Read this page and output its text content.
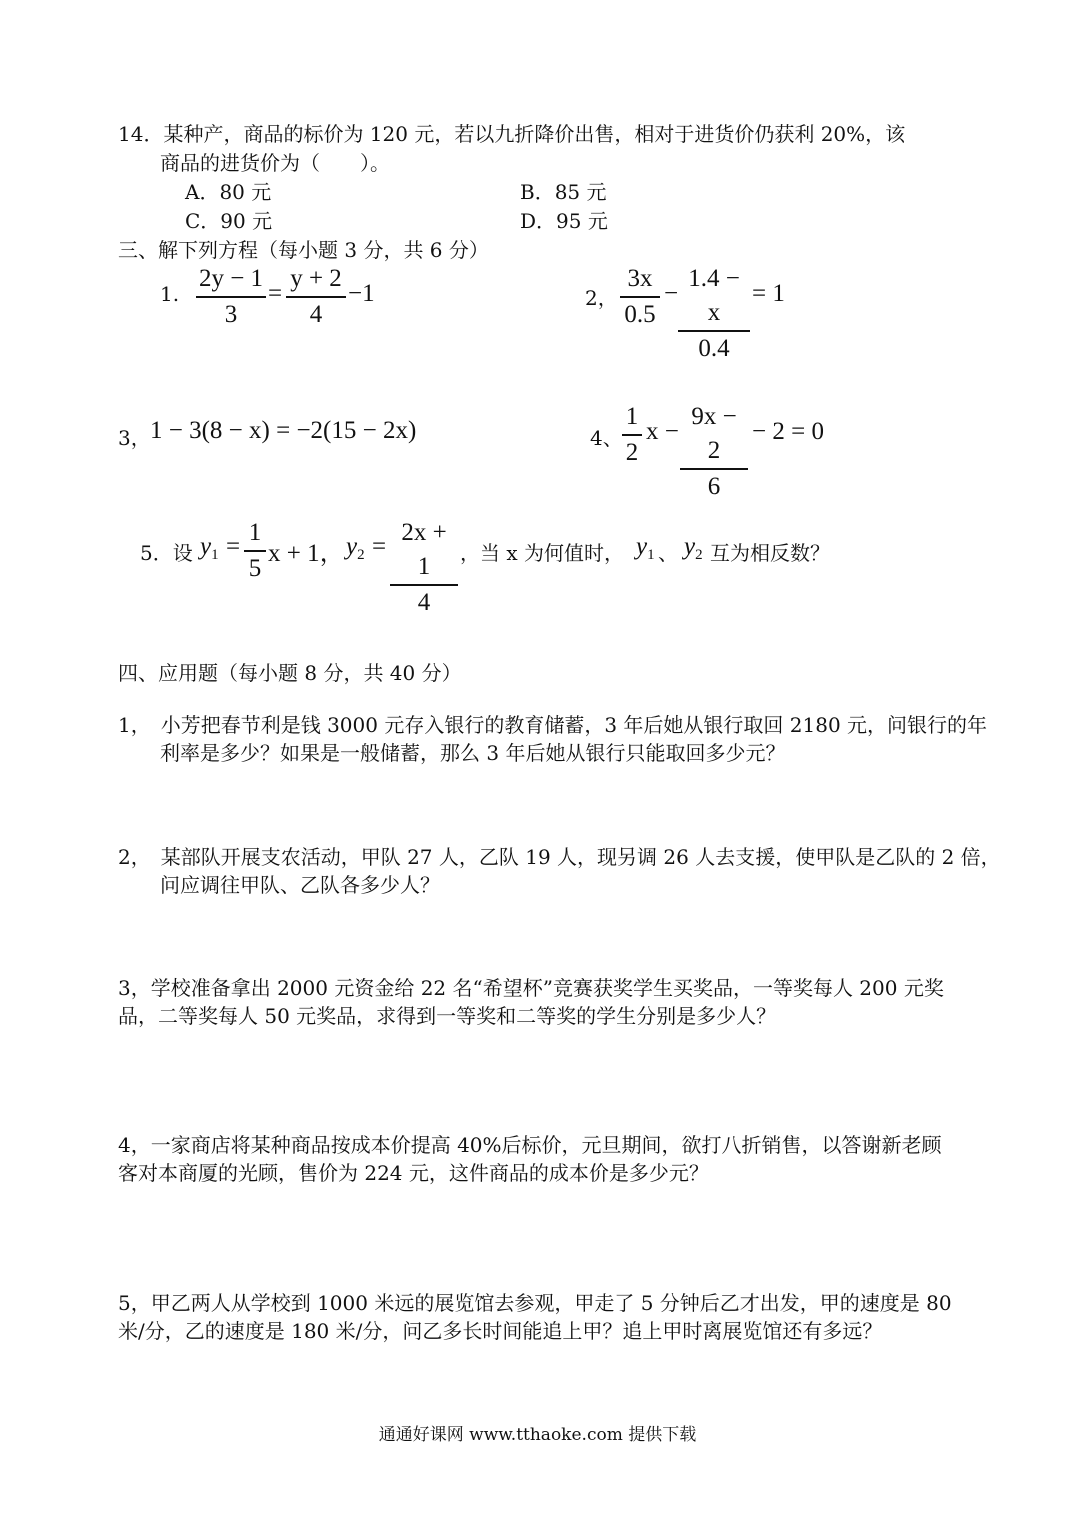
14．某种产，商品的标价为 120 元，若以九折降价出售，相对于进货价仍获利 20%，该
商品的进货价为（　　）。
A．80 元	B．85 元
C．90 元	D．95 元
三、解下列方程（每小题 3 分，共 6 分）
1. $\frac{2y - 1}{3} = \frac{y + 2}{4} -1$	2， $\frac{3x}{0.5} - \frac{1.4 - x}{0.4} = 1$
3， 1 − 3(8 − x) = −2(15 − 2x)	4、 $\frac{1}{2}$ $x - \frac{9x - 2}{6} - 2 = 0$
5．设 $y_1 = \frac{1}{5}$ x + 1， $y_2 = \frac{2x + 1}{4}$ ，当 x 为何值时， $y_1$ 、 $y_2$ 互为相反数？
四、应用题（每小题 8 分，共 40 分）
1，　小芳把春节利是钱 3000 元存入银行的教育储蓄，3 年后她从银行取回 2180 元，问银行的年利率是多少？如果是一般储蓄，那么 3 年后她从银行只能取回多少元？
2，　某部队开展支农活动，甲队 27 人，乙队 19 人，现另调 26 人去支援，使甲队是乙队的 2 倍，问应调往甲队、乙队各多少人？
3，学校准备拿出 2000 元资金给 22 名“希望杯”竞赛获奖学生买奖品，一等奖每人 200 元奖品，二等奖每人 50 元奖品，求得到一等奖和二等奖的学生分别是多少人？
4，一家商店将某种商品按成本价提高 40%后标价，元旦期间，欲打八折销售，以答谢新老顾客对本商厦的光顾，售价为 224 元，这件商品的成本价是多少元？
5，甲乙两人从学校到 1000 米远的展览馆去参观，甲走了 5 分钟后乙才出发，甲的速度是 80 米/分，乙的速度是 180 米/分，问乙多长时间能追上甲？追上甲时离展览馆还有多远？
通通好课网 www.tthaoke.com 提供下载
